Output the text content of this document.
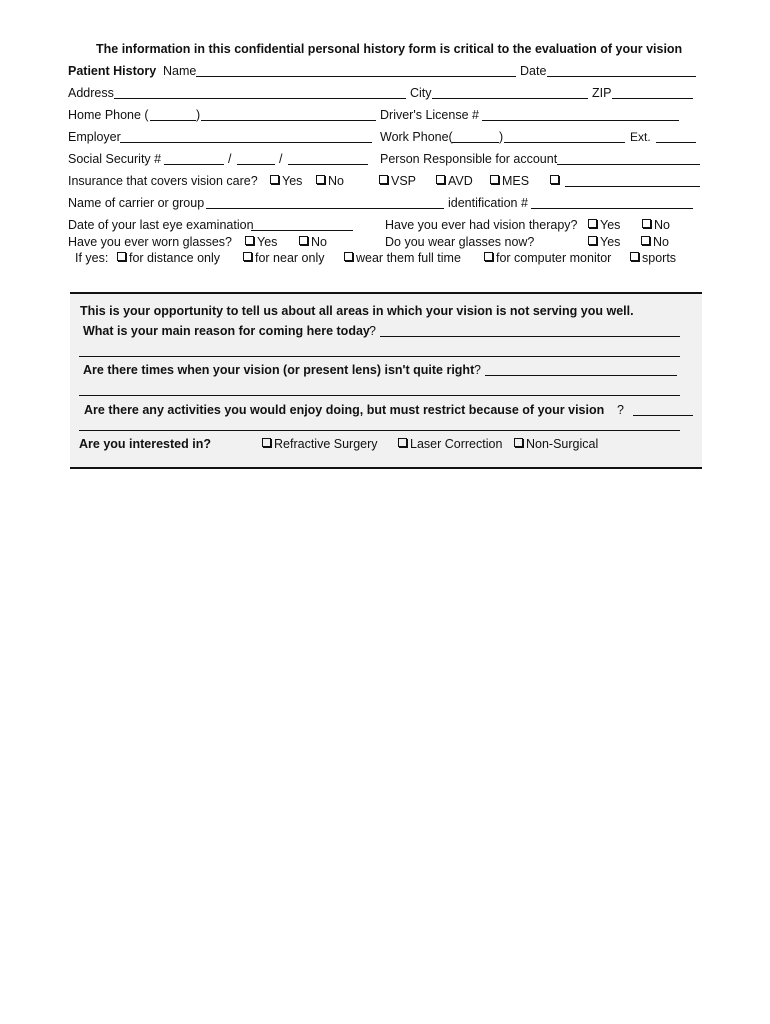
The information in this confidential personal history form is critical to the evaluation of your vision
Patient History Name	Date
Address	City	ZIP
Home Phone (	)	Driver's License #
Employer	Work Phone(	)	Ext.
Social Security #	/	/	Person Responsible for account
Insurance that covers vision care?	Yes	No	VSP	AVD	MES
Name of carrier or group	identification #
Date of your last eye examination	Have you ever had vision therapy?	Yes	No
Have you ever worn glasses?	Yes	No	Do you wear glasses now?	Yes	No
If yes:	for distance only	for near only	wear them full time	for computer monitor	sports
This is your opportunity to tell us about all areas in which your vision is not serving you well.
What is your main reason for coming here today ?
Are there times when your vision (or present lens) isn't quite right ?
Are there any activities you would enjoy doing, but must restrict because of your vision ?
Are you interested in?	Refractive Surgery	Laser Correction	Non-Surgical
